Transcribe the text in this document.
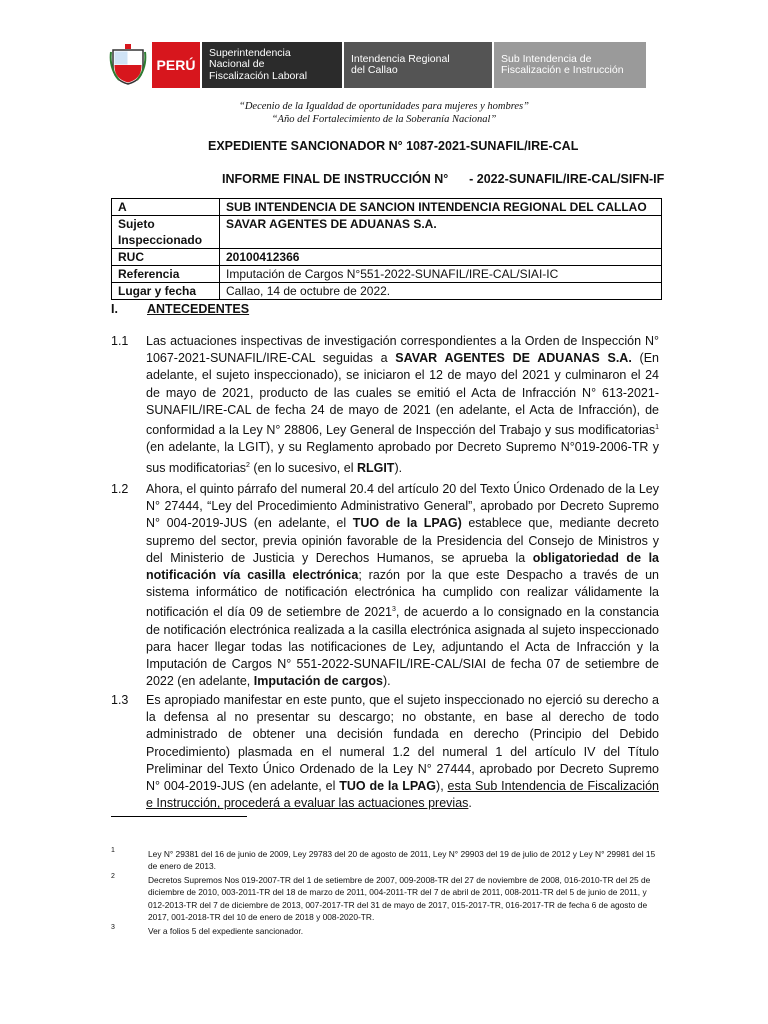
PERÚ
Superintendencia
Nacional de
Fiscalización Laboral
Intendencia Regional
del Callao
Sub Intendencia de
Fiscalización e Instrucción
“Decenio de la Igualdad de oportunidades para mujeres y hombres”
“Año del Fortalecimiento de la Soberanía Nacional”
EXPEDIENTE SANCIONADOR N° 1087-2021-SUNAFIL/IRE-CAL
INFORME FINAL DE INSTRUCCIÓN N°      - 2022-SUNAFIL/IRE-CAL/SIFN-IF
A	SUB INTENDENCIA DE SANCION INTENDENCIA REGIONAL DEL CALLAO
Sujeto Inspeccionado	SAVAR AGENTES DE ADUANAS S.A.
RUC	20100412366
Referencia	Imputación de Cargos N°551-2022-SUNAFIL/IRE-CAL/SIAI-IC
Lugar y fecha	Callao, 14 de octubre de 2022.
I. ANTECEDENTES
1.1 Las actuaciones inspectivas de investigación correspondientes a la Orden de Inspección N° 1067-2021-SUNAFIL/IRE-CAL seguidas a SAVAR AGENTES DE ADUANAS S.A. (En adelante, el sujeto inspeccionado), se iniciaron el 12 de mayo del 2021 y culminaron el 24 de mayo de 2021, producto de las cuales se emitió el Acta de Infracción N° 613-2021-SUNAFIL/IRE-CAL de fecha 24 de mayo de 2021 (en adelante, el Acta de Infracción), de conformidad a la Ley N° 28806, Ley General de Inspección del Trabajo y sus modificatorias$^1$ (en adelante, la LGIT), y su Reglamento aprobado por Decreto Supremo N°019-2006-TR y sus modificatorias$^2$ (en lo sucesivo, el RLGIT).
1.2 Ahora, el quinto párrafo del numeral 20.4 del artículo 20 del Texto Único Ordenado de la Ley N° 27444, “Ley del Procedimiento Administrativo General”, aprobado por Decreto Supremo N° 004-2019-JUS (en adelante, el TUO de la LPAG) establece que, mediante decreto supremo del sector, previa opinión favorable de la Presidencia del Consejo de Ministros y del Ministerio de Justicia y Derechos Humanos, se aprueba la obligatoriedad de la notificación vía casilla electrónica; razón por la que este Despacho a través de un sistema informático de notificación electrónica ha cumplido con realizar válidamente la notificación el día 09 de setiembre de 2021$^3$, de acuerdo a lo consignado en la constancia de notificación electrónica realizada a la casilla electrónica asignada al sujeto inspeccionado para hacer llegar todas las notificaciones de Ley, adjuntando el Acta de Infracción y la Imputación de Cargos N° 551-2022-SUNAFIL/IRE-CAL/SIAI de fecha 07 de setiembre de 2022 (en adelante, Imputación de cargos).
1.3 Es apropiado manifestar en este punto, que el sujeto inspeccionado no ejerció su derecho a la defensa al no presentar su descargo; no obstante, en base al derecho de todo administrado de obtener una decisión fundada en derecho (Principio del Debido Procedimiento) plasmada en el numeral 1.2 del numeral 1 del artículo IV del Título Preliminar del Texto Único Ordenado de la Ley N° 27444, aprobado por Decreto Supremo N° 004-2019-JUS (en adelante, el TUO de la LPAG), esta Sub Intendencia de Fiscalización e Instrucción, procederá a evaluar las actuaciones previas.
1	Ley N° 29381 del 16 de junio de 2009, Ley 29783 del 20 de agosto de 2011, Ley N° 29903 del 19 de julio de 2012 y Ley N° 29981 del 15 de enero de 2013.
2	Decretos Supremos Nos 019-2007-TR del 1 de setiembre de 2007, 009-2008-TR del 27 de noviembre de 2008, 016-2010-TR del 25 de diciembre de 2010, 003-2011-TR del 18 de marzo de 2011, 004-2011-TR del 7 de abril de 2011, 008-2011-TR del 5 de junio de 2011, y 012-2013-TR del 7 de diciembre de 2013, 007-2017-TR del 31 de mayo de 2017, 015-2017-TR, 016-2017-TR de fecha 6 de agosto de 2017, 001-2018-TR del 10 de enero de 2018 y 008-2020-TR.
3	Ver a folios 5 del expediente sancionador.
